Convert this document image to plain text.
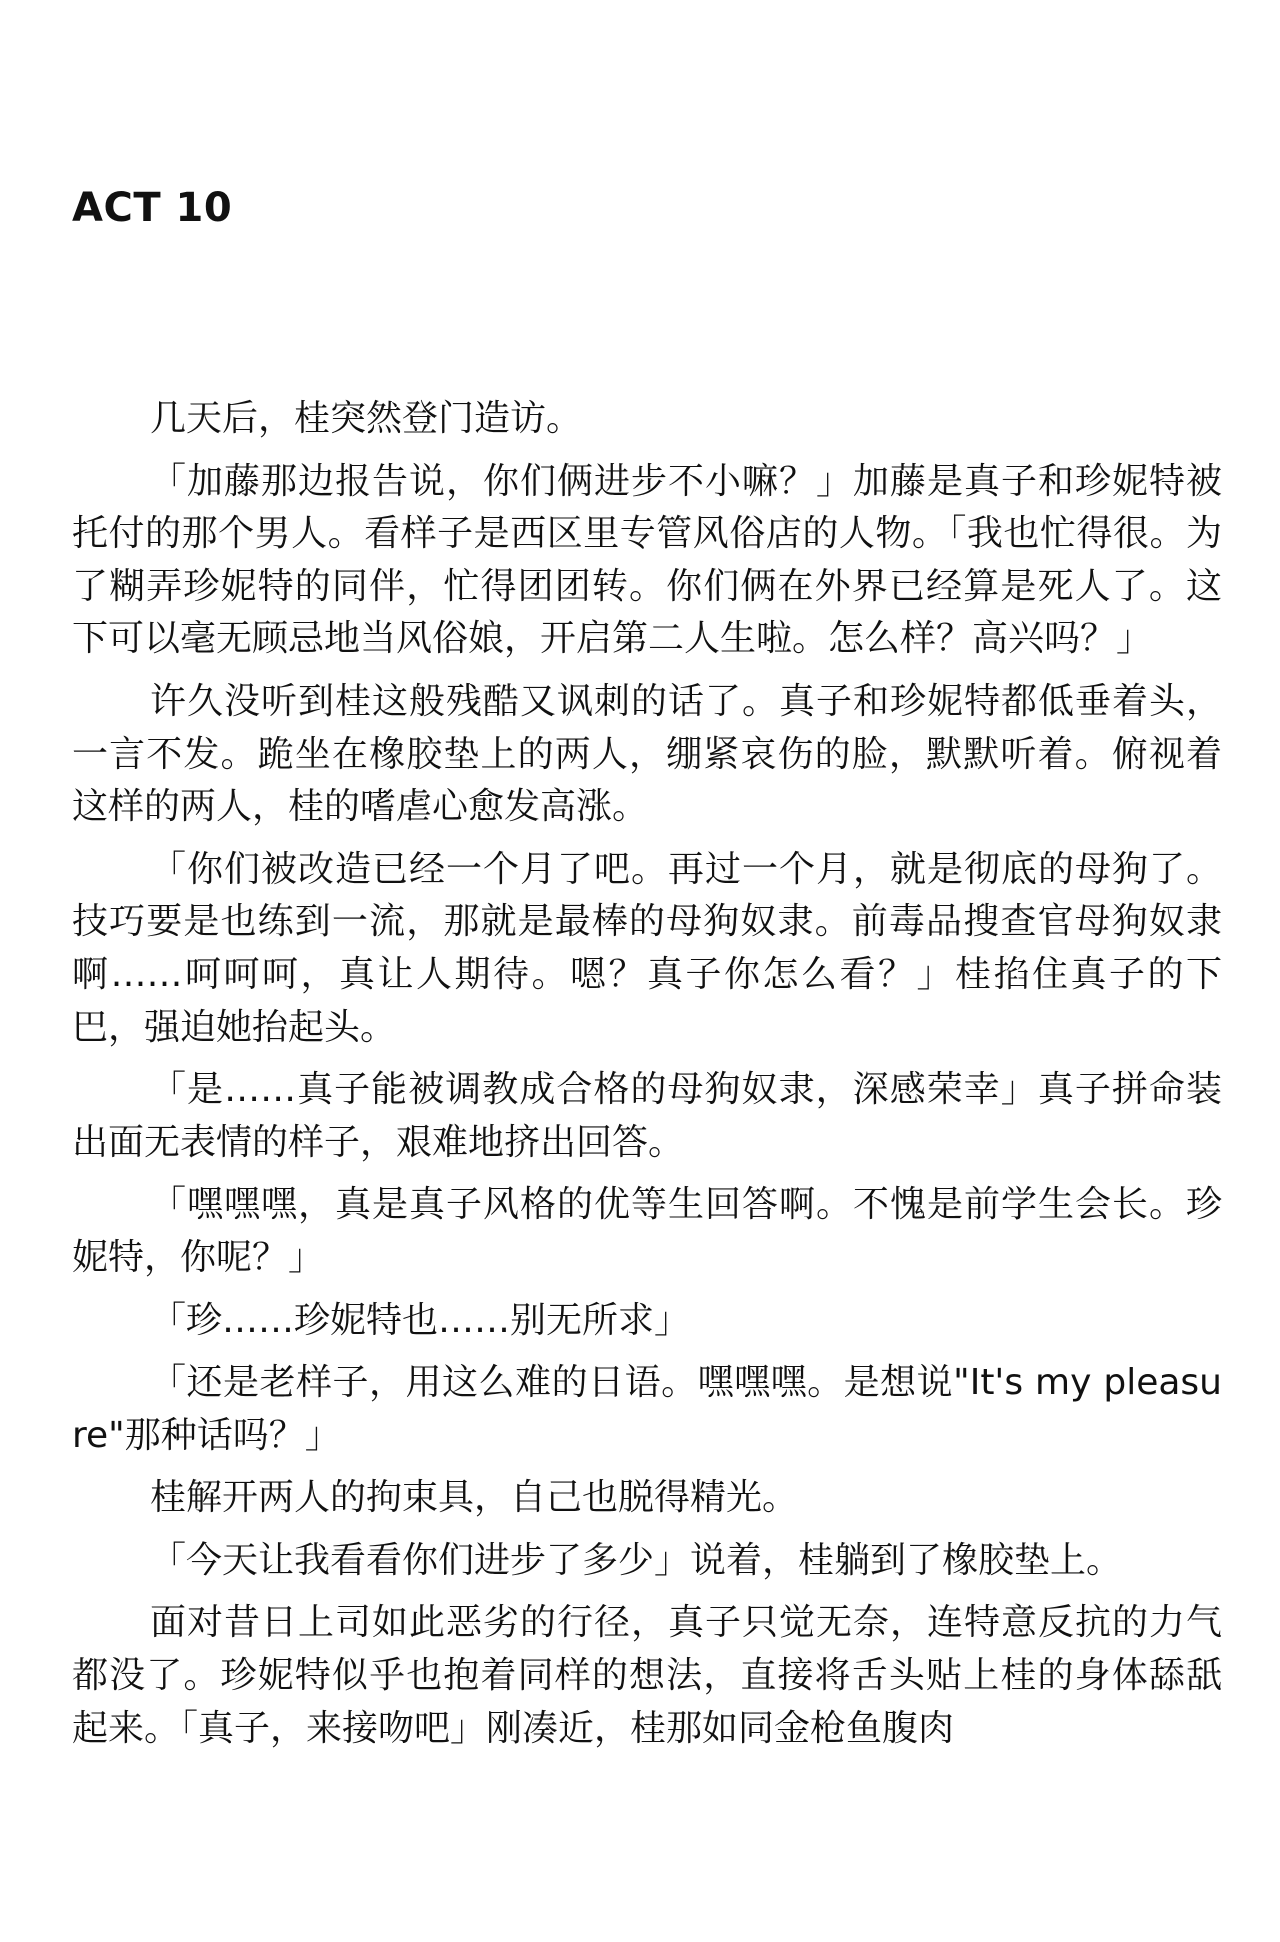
ACT 10

几天后，桂突然登门造访。

「加藤那边报告说，你们俩进步不小嘛？」加藤是真子和珍妮特被托付的那个男人。看样子是西区里专管风俗店的人物。「我也忙得很。为了糊弄珍妮特的同伴，忙得团团转。你们俩在外界已经算是死人了。这下可以毫无顾忌地当风俗娘，开启第二人生啦。怎么样？高兴吗？」

许久没听到桂这般残酷又讽刺的话了。真子和珍妮特都低垂着头，一言不发。跪坐在橡胶垫上的两人，绷紧哀伤的脸，默默听着。俯视着这样的两人，桂的嗜虐心愈发高涨。

「你们被改造已经一个月了吧。再过一个月，就是彻底的母狗了。技巧要是也练到一流，那就是最棒的母狗奴隶。前毒品搜查官母狗奴隶啊……呵呵呵，真让人期待。嗯？真子你怎么看？」桂掐住真子的下巴，强迫她抬起头。

「是……真子能被调教成合格的母狗奴隶，深感荣幸」真子拼命装出面无表情的样子，艰难地挤出回答。

「嘿嘿嘿，真是真子风格的优等生回答啊。不愧是前学生会长。珍妮特，你呢？」

「珍……珍妮特也……别无所求」

「还是老样子，用这么难的日语。嘿嘿嘿。是想说"It's my pleasure"那种话吗？」

桂解开两人的拘束具，自己也脱得精光。

「今天让我看看你们进步了多少」说着，桂躺到了橡胶垫上。

面对昔日上司如此恶劣的行径，真子只觉无奈，连特意反抗的力气都没了。珍妮特似乎也抱着同样的想法，直接将舌头贴上桂的身体舔舐起来。「真子，来接吻吧」刚凑近，桂那如同金枪鱼腹肉
